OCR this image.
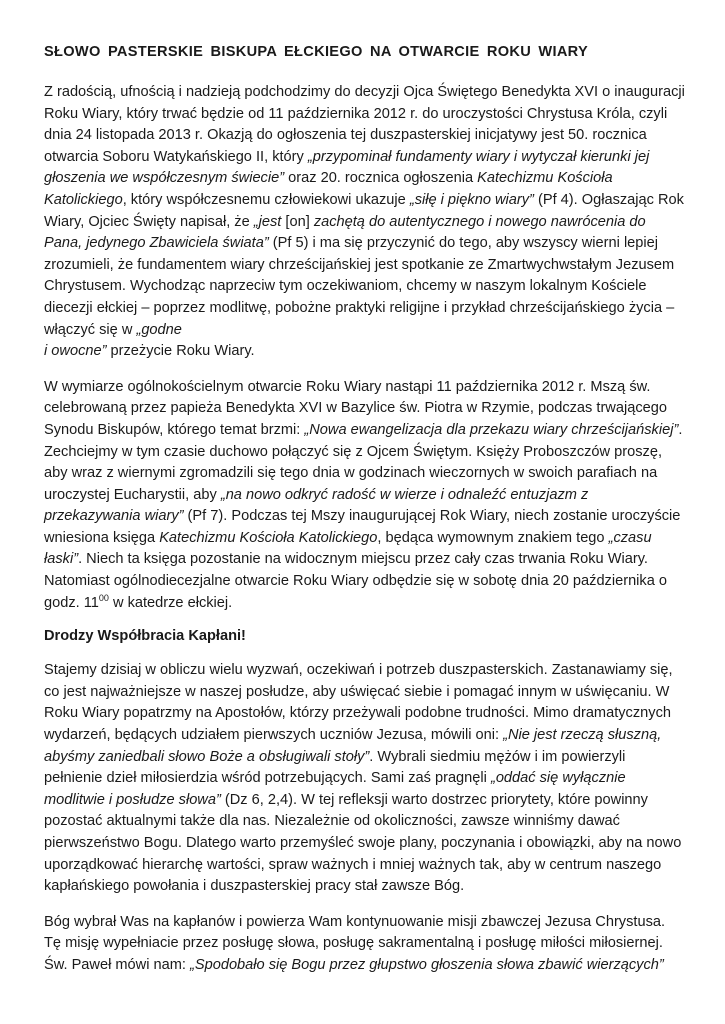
SŁOWO PASTERSKIE BISKUPA EŁCKIEGO NA OTWARCIE ROKU WIARY

Z radością, ufnością i nadzieją podchodzimy do decyzji Ojca Świętego Benedykta XVI o inauguracji Roku Wiary, który trwać będzie od 11 października 2012 r. do uroczystości Chrystusa Króla, czyli dnia 24 listopada 2013 r. Okazją do ogłoszenia tej duszpasterskiej inicjatywy jest 50. rocznica otwarcia Soboru Watykańskiego II, który „przypominał fundamenty wiary i wytyczał kierunki jej głoszenia we współczesnym świecie” oraz 20. rocznica ogłoszenia Katechizmu Kościoła Katolickiego, który współczesnemu człowiekowi ukazuje „siłę i piękno wiary” (Pf 4). Ogłaszając Rok Wiary, Ojciec Święty napisał, że „jest [on] zachętą do autentycznego i nowego nawrócenia do Pana, jedynego Zbawiciela świata” (Pf 5) i ma się przyczynić do tego, aby wszyscy wierni lepiej zrozumieli, że fundamentem wiary chrześcijańskiej jest spotkanie ze Zmartwychwstałym Jezusem Chrystusem. Wychodząc naprzeciw tym oczekiwaniom, chcemy w naszym lokalnym Kościele diecezji ełckiej – poprzez modlitwę, pobożne praktyki religijne i przykład chrześcijańskiego życia – włączyć się w „godne
i owocne” przeżycie Roku Wiary.

W wymiarze ogólnokościelnym otwarcie Roku Wiary nastąpi 11 października 2012 r. Mszą św. celebrowaną przez papieża Benedykta XVI w Bazylice św. Piotra w Rzymie, podczas trwającego Synodu Biskupów, którego temat brzmi: „Nowa ewangelizacja dla przekazu wiary chrześcijańskiej”. Zechciejmy w tym czasie duchowo połączyć się z Ojcem Świętym. Księży Proboszczów proszę, aby wraz z wiernymi zgromadzili się tego dnia w godzinach wieczornych w swoich parafiach na uroczystej Eucharystii, aby „na nowo odkryć radość w wierze i odnaleźć entuzjazm z przekazywania wiary” (Pf 7). Podczas tej Mszy inaugurującej Rok Wiary, niech zostanie uroczyście wniesiona księga Katechizmu Kościoła Katolickiego, będąca wymownym znakiem tego „czasu łaski”. Niech ta księga pozostanie na widocznym miejscu przez cały czas trwania Roku Wiary. Natomiast ogólnodiecezjalne otwarcie Roku Wiary odbędzie się w sobotę dnia 20 października o godz. $11^{00}$ w katedrze ełckiej.

Drodzy Współbracia Kapłani!

Stajemy dzisiaj w obliczu wielu wyzwań, oczekiwań i potrzeb duszpasterskich. Zastanawiamy się, co jest najważniejsze w naszej posłudze, aby uświęcać siebie i pomagać innym w uświęcaniu. W Roku Wiary popatrzmy na Apostołów, którzy przeżywali podobne trudności. Mimo dramatycznych wydarzeń, będących udziałem pierwszych uczniów Jezusa, mówili oni: „Nie jest rzeczą słuszną, abyśmy zaniedbali słowo Boże a obsługiwali stoły”. Wybrali siedmiu mężów i im powierzyli pełnienie dzieł miłosierdzia wśród potrzebujących. Sami zaś pragnęli „oddać się wyłącznie modlitwie i posłudze słowa” (Dz 6, 2,4). W tej refleksji warto dostrzec priorytety, które powinny pozostać aktualnymi także dla nas. Niezależnie od okoliczności, zawsze winniśmy dawać pierwszeństwo Bogu. Dlatego warto przemyśleć swoje plany, poczynania i obowiązki, aby na nowo uporządkować hierarchę wartości, spraw ważnych i mniej ważnych tak, aby w centrum naszego kapłańskiego powołania i duszpasterskiej pracy stał zawsze Bóg.

Bóg wybrał Was na kapłanów i powierza Wam kontynuowanie misji zbawczej Jezusa Chrystusa. Tę misję wypełniacie przez posługę słowa, posługę sakramentalną i posługę miłości miłosiernej. Św. Paweł mówi nam: „Spodobało się Bogu przez głupstwo głoszenia słowa zbawić wierzących”
